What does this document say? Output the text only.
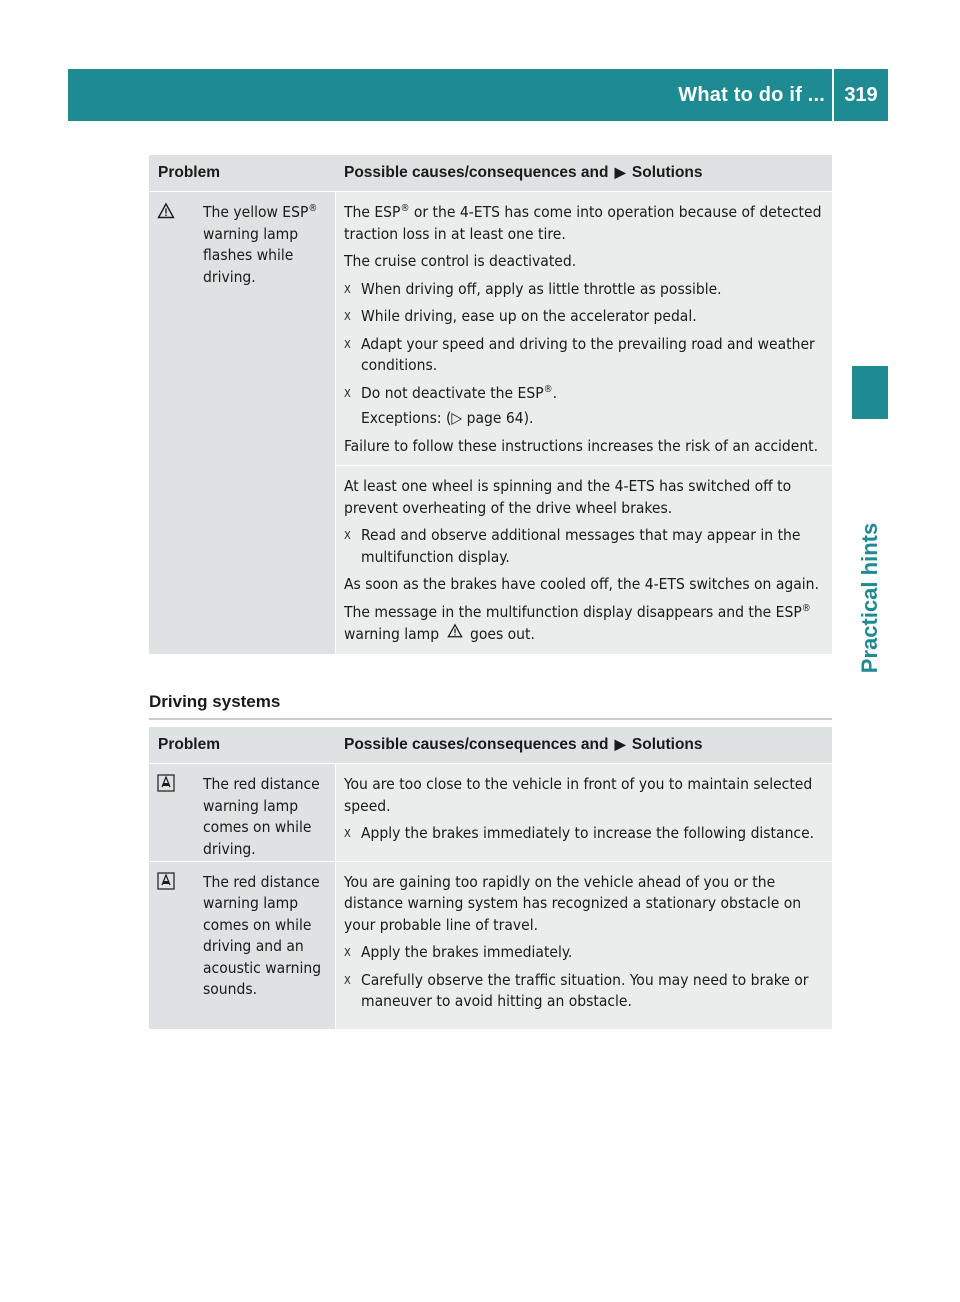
What to do if ... 319
Practical hints
Problem	Possible causes/consequences and ▶ Solutions
The yellow ESP® warning lamp flashes while driving.

The ESP® or the 4-ETS has come into operation because of detected traction loss in at least one tire.

The cruise control is deactivated.

X When driving off, apply as little throttle as possible.
X While driving, ease up on the accelerator pedal.
X Adapt your speed and driving to the prevailing road and weather conditions.
X Do not deactivate the ESP®.

Exceptions: (▷ page 64).

Failure to follow these instructions increases the risk of an accident.

At least one wheel is spinning and the 4-ETS has switched off to prevent overheating of the drive wheel brakes.

X Read and observe additional messages that may appear in the multifunction display.

As soon as the brakes have cooled off, the 4-ETS switches on again.

The message in the multifunction display disappears and the ESP® warning lamp goes out.

Driving systems
Problem	Possible causes/consequences and ▶ Solutions
The red distance warning lamp comes on while driving.

You are too close to the vehicle in front of you to maintain selected speed.

X Apply the brakes immediately to increase the following distance.
The red distance warning lamp comes on while driving and an acoustic warning sounds.

You are gaining too rapidly on the vehicle ahead of you or the distance warning system has recognized a stationary obstacle on your probable line of travel.

X Apply the brakes immediately.
X Carefully observe the traffic situation. You may need to brake or maneuver to avoid hitting an obstacle.
